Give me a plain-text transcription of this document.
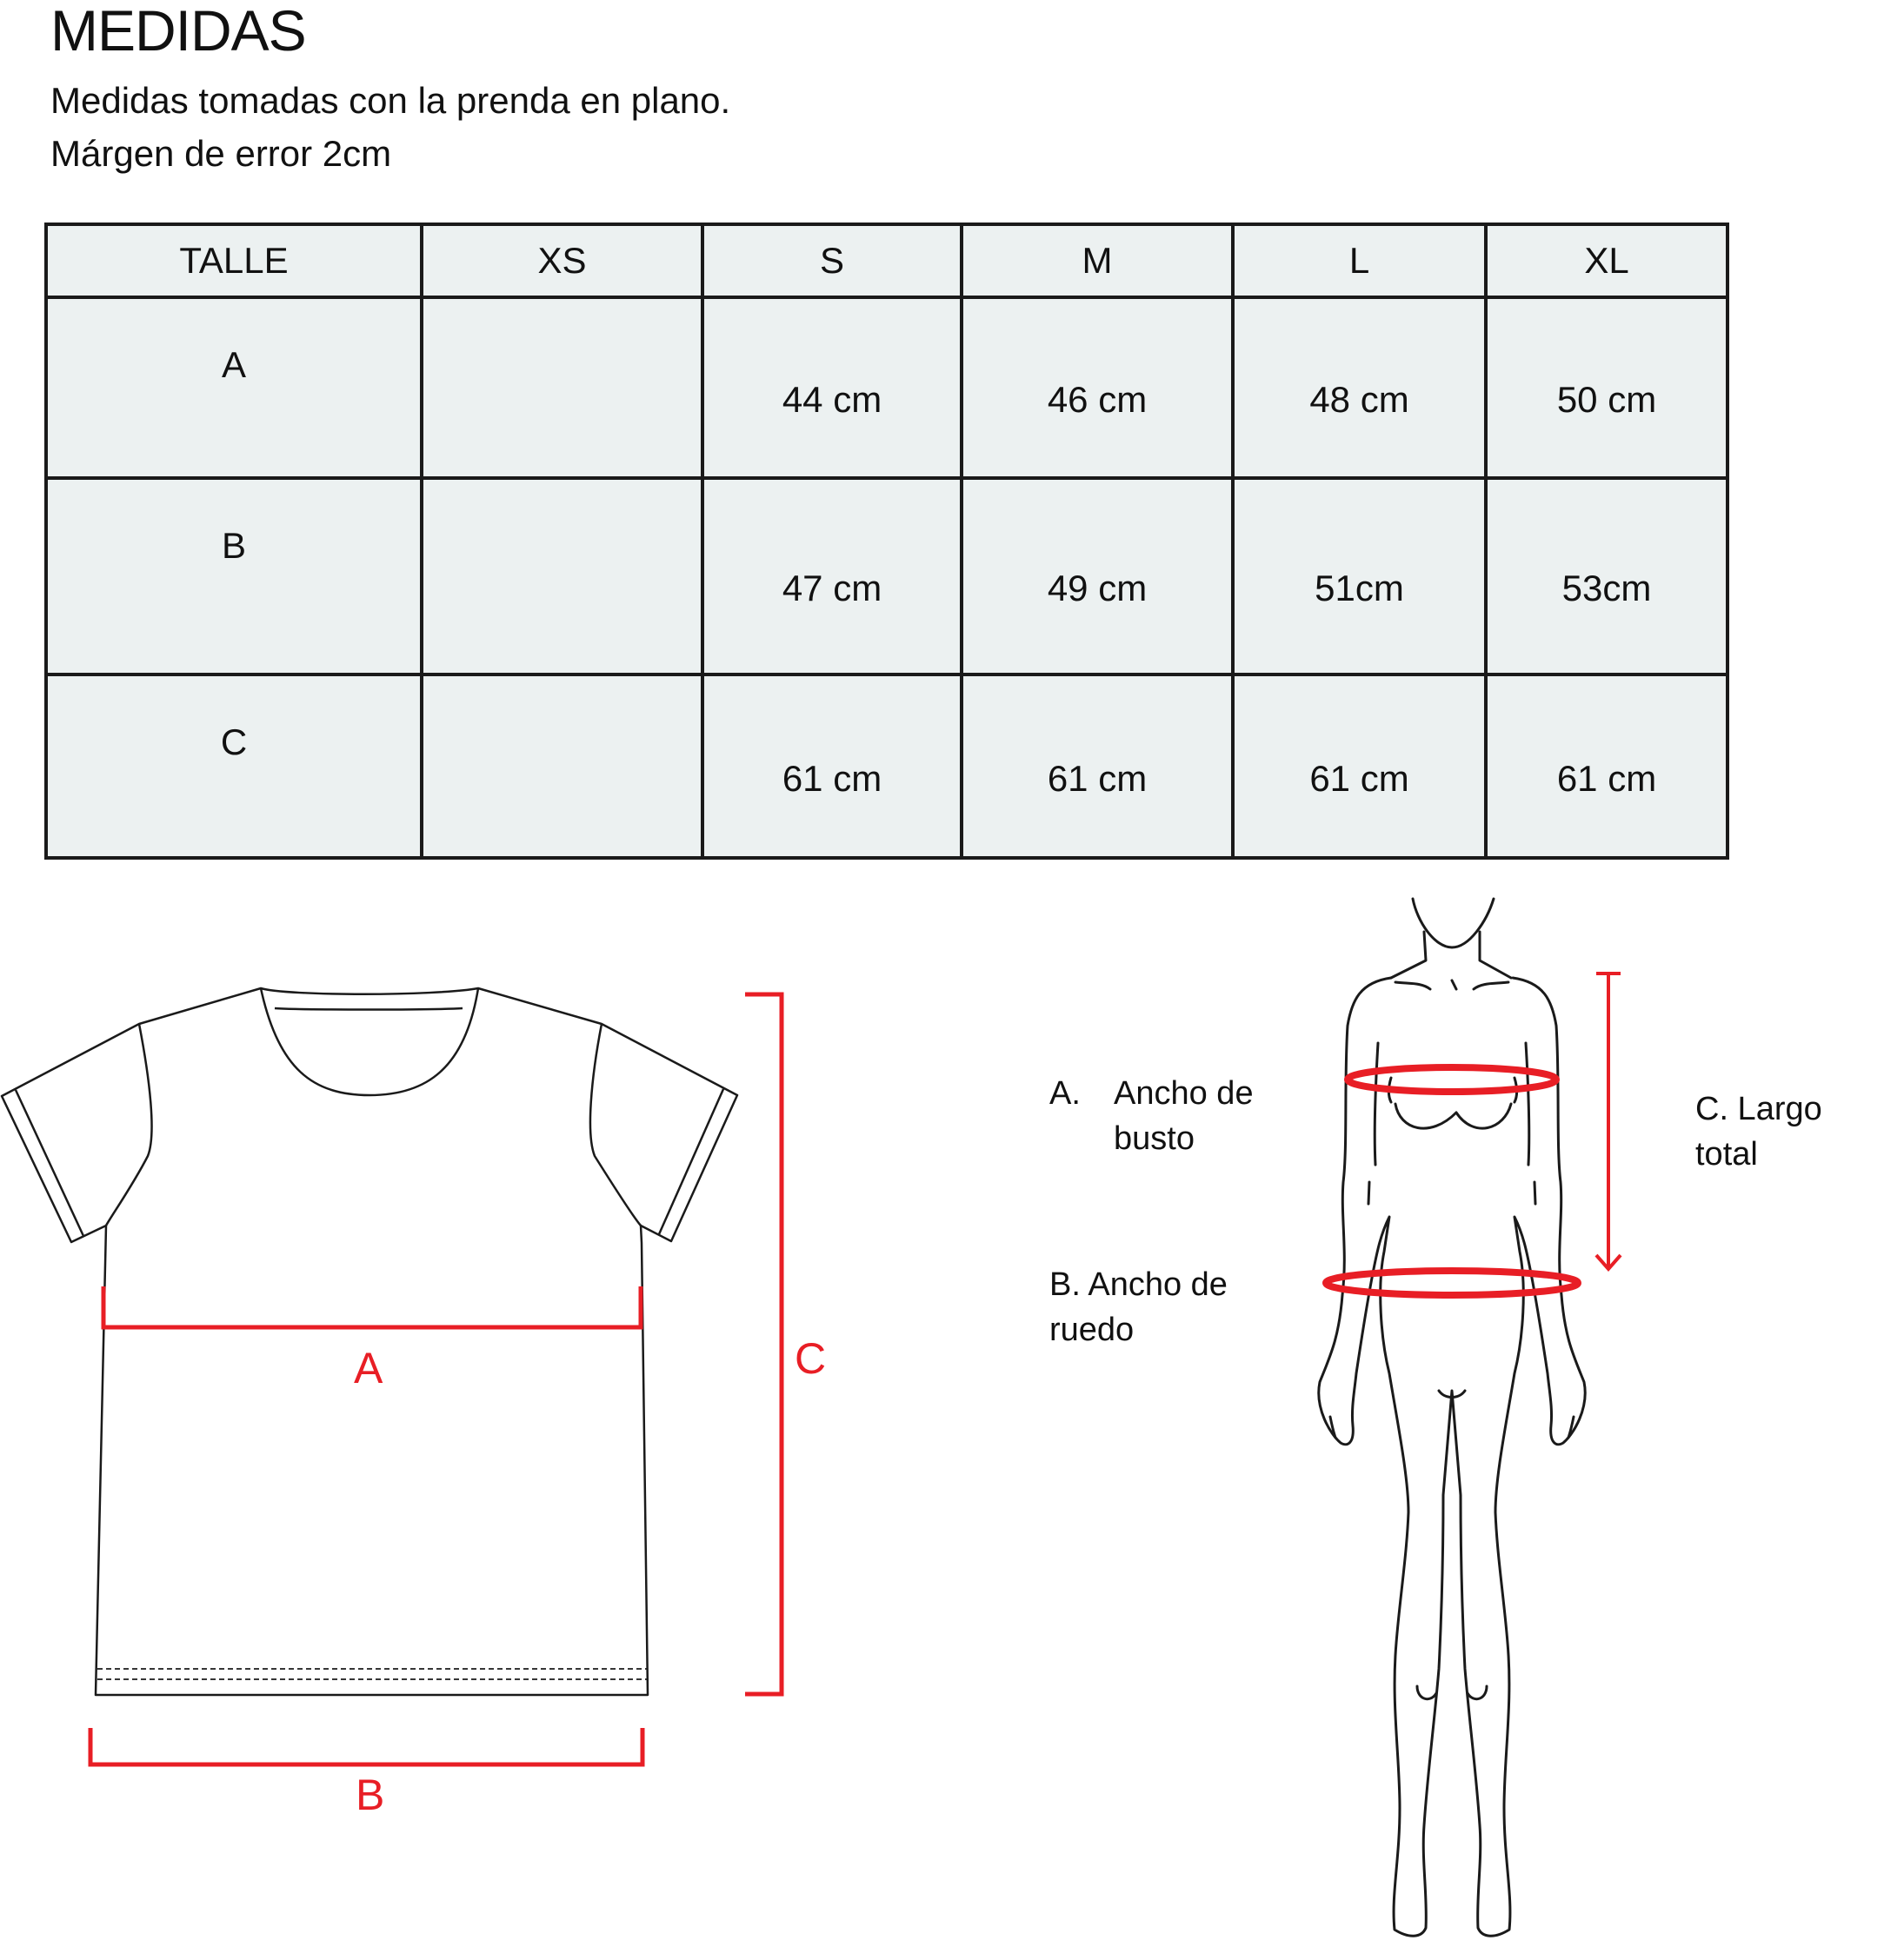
MEDIDAS
Medidas tomadas con la prenda en plano.
Márgen de error 2cm
TALLE	XS	S	M	L	XL
A		44 cm	46 cm	48 cm	50 cm
B		47 cm	49 cm	51cm	53cm
C		61 cm	61 cm	61 cm	61 cm
A
B
C
A. Ancho de
busto
B. Ancho de
ruedo
C. Largo
total
